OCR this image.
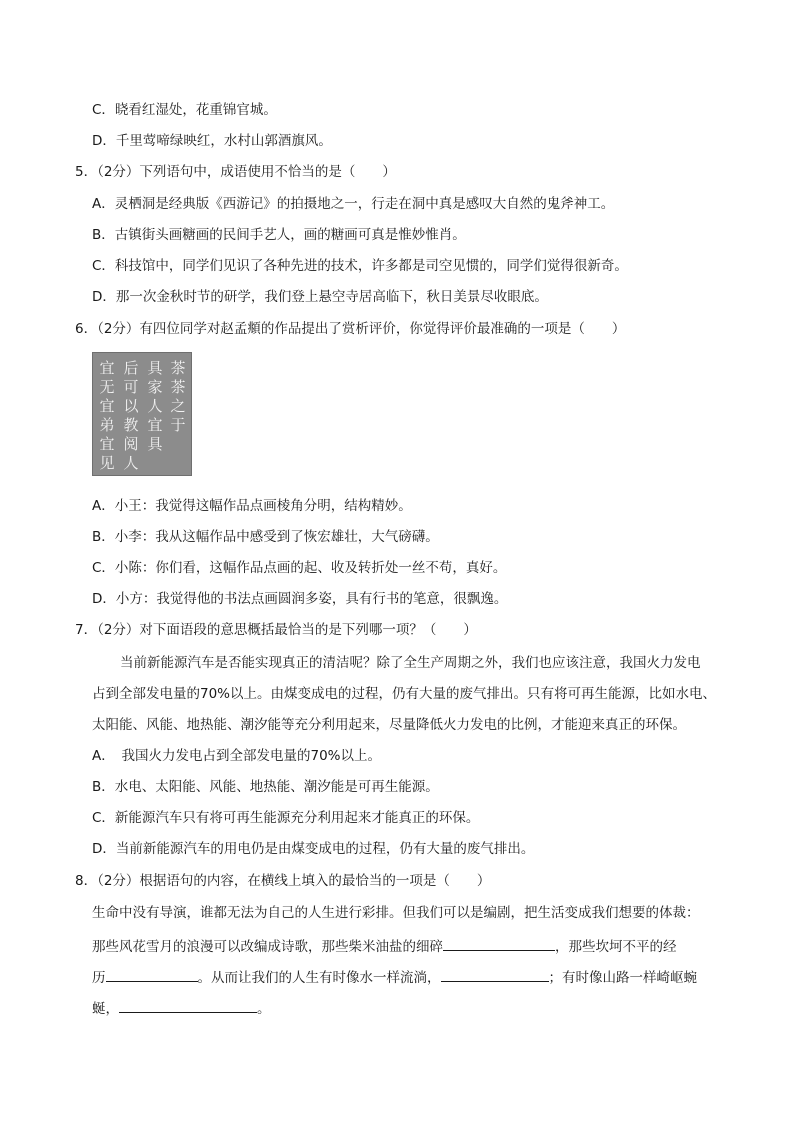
C．晓看红湿处，花重锦官城。
D．千里莺啼绿映红，水村山郭酒旗风。
5．（2分）下列语句中，成语使用不恰当的是（　　）
A．灵栖洞是经典版《西游记》的拍摄地之一，行走在洞中真是感叹大自然的鬼斧神工。
B．古镇街头画糖画的民间手艺人，画的糖画可真是惟妙惟肖。
C．科技馆中，同学们见识了各种先进的技术，许多都是司空见惯的，同学们觉得很新奇。
D．那一次金秋时节的研学，我们登上悬空寺居高临下，秋日美景尽收眼底。
6．（2分）有四位同学对赵孟頫的作品提出了赏析评价，你觉得评价最准确的一项是（　　）
茶茶之于
具家人宜具
后可以教阅人
宜无宜弟宜见
A．小王：我觉得这幅作品点画棱角分明，结构精妙。
B．小李：我从这幅作品中感受到了恢宏雄壮，大气磅礴。
C．小陈：你们看，这幅作品点画的起、收及转折处一丝不苟，真好。
D．小方：我觉得他的书法点画圆润多姿，具有行书的笔意，很飘逸。
7．（2分）对下面语段的意思概括最恰当的是下列哪一项？（　　）
当前新能源汽车是否能实现真正的清洁呢？除了全生产周期之外，我们也应该注意，我国火力发电
占到全部发电量的70%以上。由煤变成电的过程，仍有大量的废气排出。只有将可再生能源，比如水电、
太阳能、风能、地热能、潮汐能等充分利用起来，尽量降低火力发电的比例，才能迎来真正的环保。
A．　我国火力发电占到全部发电量的70%以上。
B．水电、太阳能、风能、地热能、潮汐能是可再生能源。
C．新能源汽车只有将可再生能源充分利用起来才能真正的环保。
D．当前新能源汽车的用电仍是由煤变成电的过程，仍有大量的废气排出。
8．（2分）根据语句的内容，在横线上填入的最恰当的一项是（　　）
生命中没有导演，谁都无法为自己的人生进行彩排。但我们可以是编剧，把生活变成我们想要的体裁：
那些风花雪月的浪漫可以改编成诗歌，那些柴米油盐的细碎	，那些坎坷不平的经
历	。从而让我们的人生有时像水一样流淌，	；有时像山路一样崎岖蜿
蜒，	。
